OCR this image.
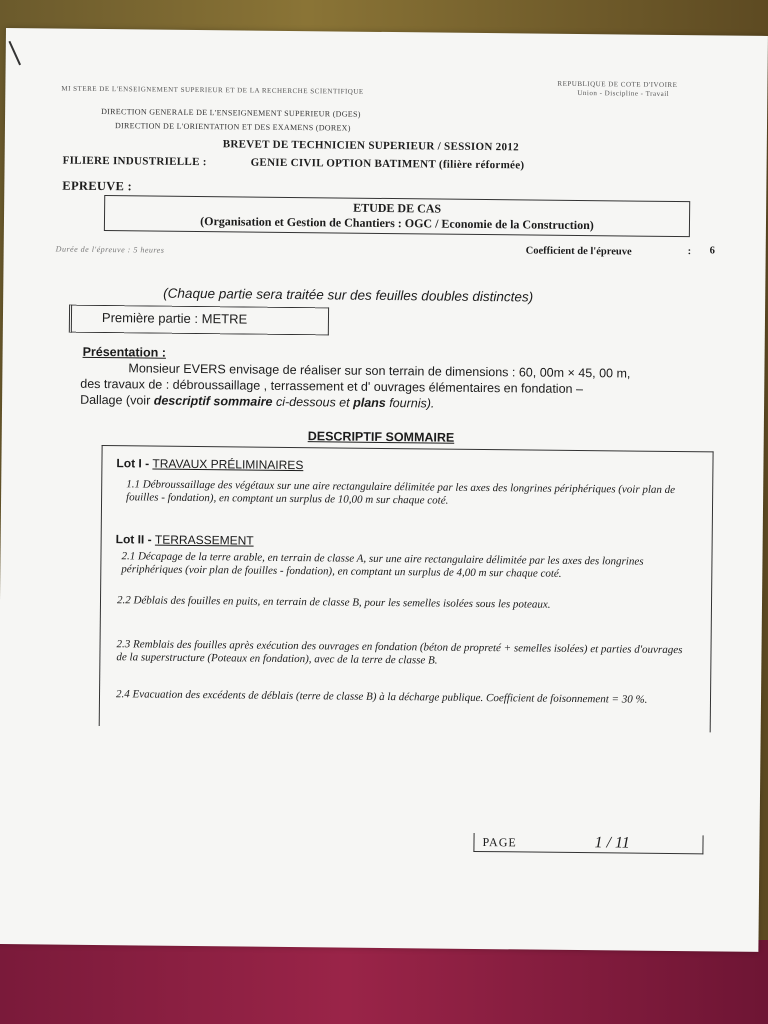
MI STERE DE L'ENSEIGNEMENT SUPERIEUR ET DE LA RECHERCHE SCIENTIFIQUE
REPUBLIQUE DE COTE D'IVOIRE
Union - Discipline - Travail
DIRECTION GENERALE DE L'ENSEIGNEMENT SUPERIEUR (DGES)
DIRECTION DE L'ORIENTATION ET DES EXAMENS (DOREX)
BREVET DE TECHNICIEN SUPERIEUR / SESSION 2012
FILIERE INDUSTRIELLE :	GENIE CIVIL OPTION BATIMENT (filière réformée)
EPREUVE :
ETUDE DE CAS
(Organisation et Gestion de Chantiers : OGC / Economie de la Construction)
Durée de l'épreuve : 5 heures	Coefficient de l'épreuve	: 6
(Chaque partie sera traitée sur des feuilles doubles distinctes)
Première partie : METRE
Présentation :
Monsieur EVERS envisage de réaliser sur son terrain de dimensions : 60, 00m × 45, 00 m,
des travaux de : débroussaillage , terrassement et d' ouvrages élémentaires en fondation –
Dallage (voir descriptif sommaire ci-dessous et plans fournis).
DESCRIPTIF SOMMAIRE
Lot I - TRAVAUX PRÉLIMINAIRES
1.1 Débroussaillage des végétaux sur une aire rectangulaire délimitée par les axes des longrines périphériques (voir plan de fouilles - fondation), en comptant un surplus de 10,00 m sur chaque coté.
Lot II - TERRASSEMENT
2.1 Décapage de la terre arable, en terrain de classe A, sur une aire rectangulaire délimitée par les axes des longrines périphériques (voir plan de fouilles - fondation), en comptant un surplus de 4,00 m sur chaque coté.
2.2 Déblais des fouilles en puits, en terrain de classe B, pour les semelles isolées sous les poteaux.
2.3 Remblais des fouilles après exécution des ouvrages en fondation (béton de propreté + semelles isolées) et parties d'ouvrages de la superstructure (Poteaux en fondation), avec de la terre de classe B.
2.4 Evacuation des excédents de déblais (terre de classe B) à la décharge publique. Coefficient de foisonnement = 30 %.
PAGE	1 / 11
